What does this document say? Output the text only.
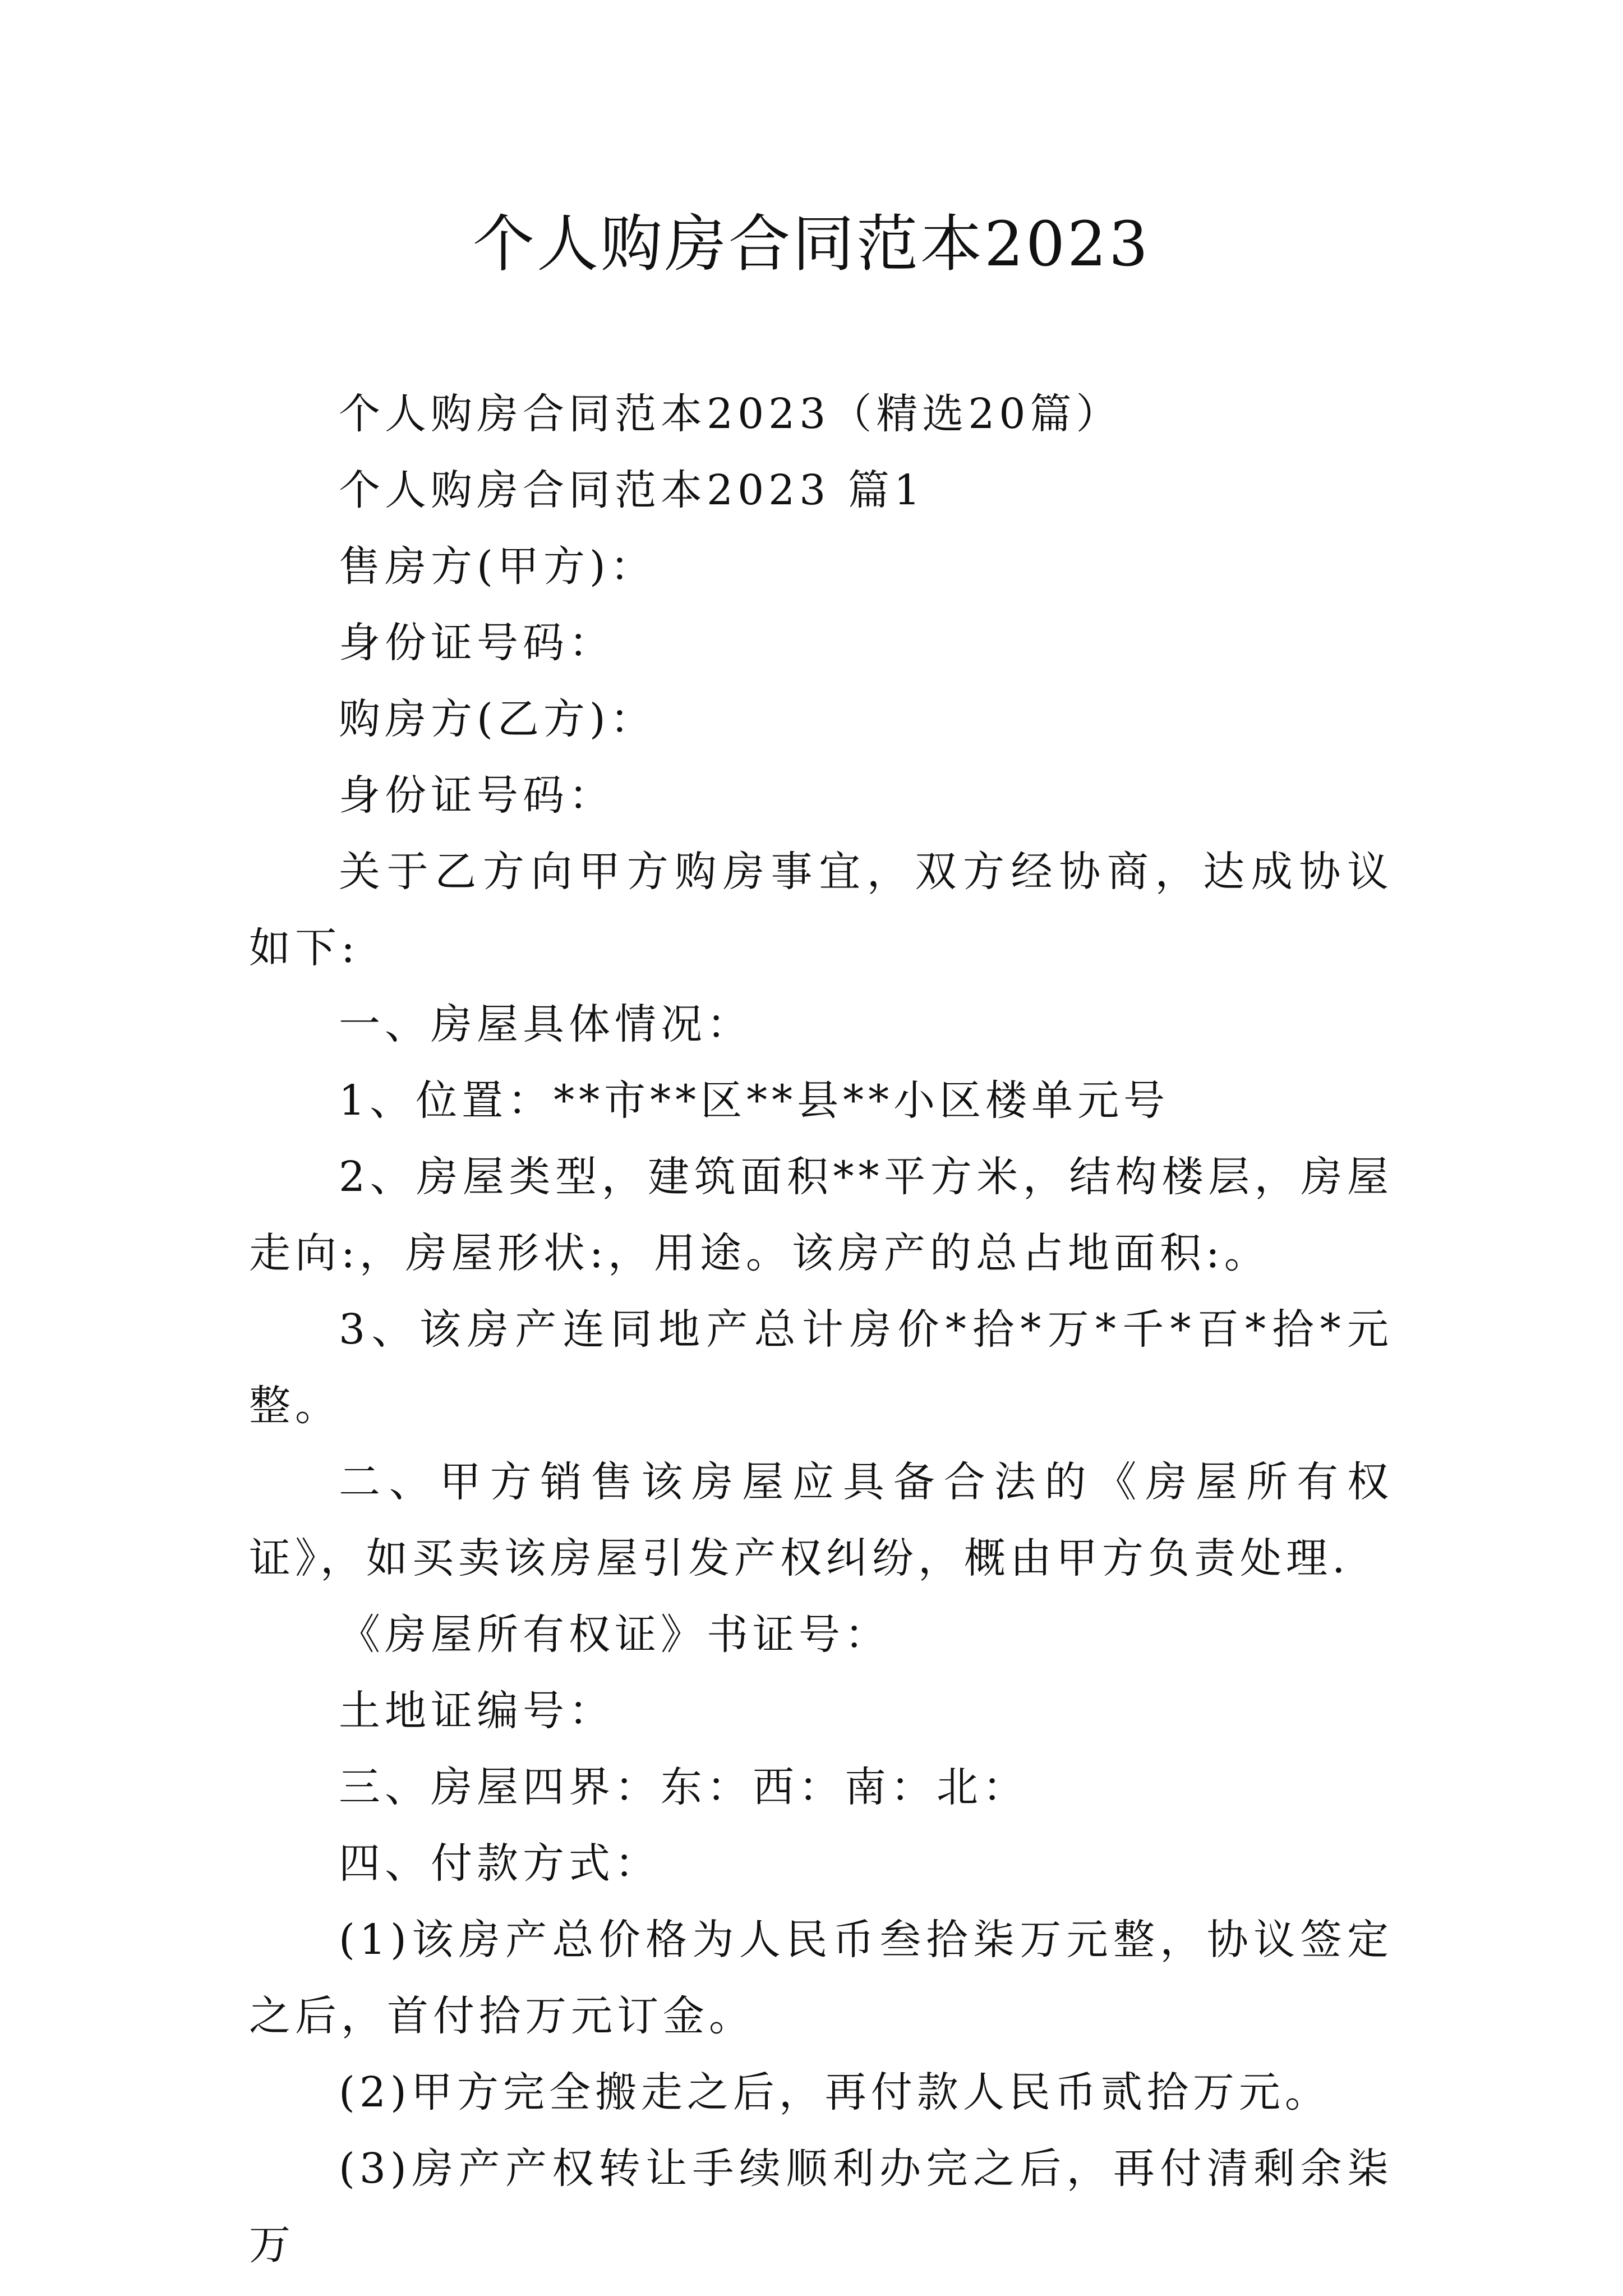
个人购房合同范本2023

个人购房合同范本2023（精选20篇）

个人购房合同范本2023 篇1

售房方(甲方)：

身份证号码：

购房方(乙方)：

身份证号码：

关于乙方向甲方购房事宜，双方经协商，达成协议如下:

一、房屋具体情况：

1、位置：**市**区**县**小区楼单元号

2、房屋类型，建筑面积**平方米，结构楼层，房屋走向:，房屋形状:，用途。该房产的总占地面积:。

3、该房产连同地产总计房价*拾*万*千*百*拾*元整。

二、甲方销售该房屋应具备合法的《房屋所有权证》，如买卖该房屋引发产权纠纷，概由甲方负责处理.

《房屋所有权证》书证号：

土地证编号：

三、房屋四界：东：西：南：北：

四、付款方式：

(1)该房产总价格为人民币叁拾柒万元整，协议签定之后，首付拾万元订金。

(2)甲方完全搬走之后，再付款人民币贰拾万元。

(3)房产产权转让手续顺利办完之后，再付清剩余柒万
